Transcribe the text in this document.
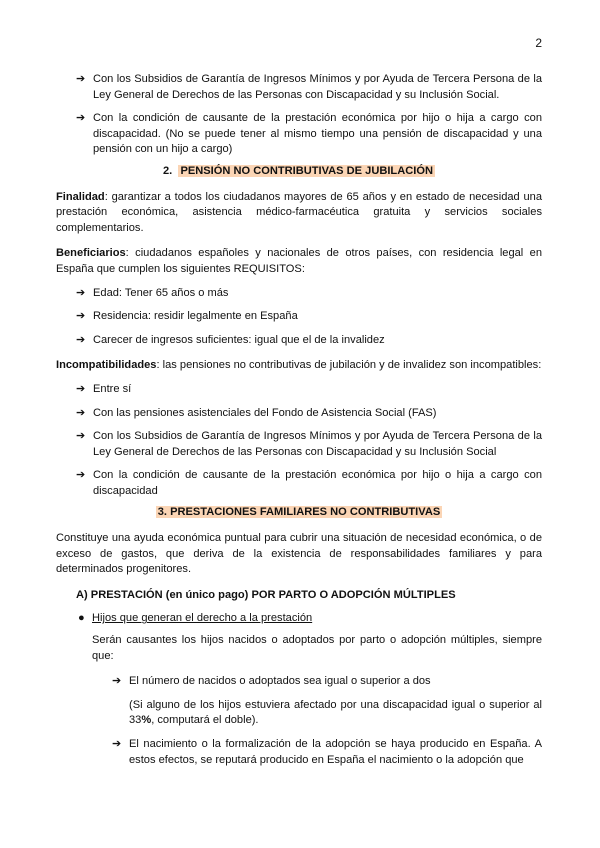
2
➔ Con los Subsidios de Garantía de Ingresos Mínimos y por Ayuda de Tercera Persona de la Ley General de Derechos de las Personas con Discapacidad y su Inclusión Social.
➔ Con la condición de causante de la prestación económica por hijo o hija a cargo con discapacidad. (No se puede tener al mismo tiempo una pensión de discapacidad y una pensión con un hijo a cargo)
2. PENSIÓN NO CONTRIBUTIVAS DE JUBILACIÓN

Finalidad: garantizar a todos los ciudadanos mayores de 65 años y en estado de necesidad una prestación económica, asistencia médico-farmacéutica gratuita y servicios sociales complementarios.

Beneficiarios: ciudadanos españoles y nacionales de otros países, con residencia legal en España que cumplen los siguientes REQUISITOS:

➔ Edad: Tener 65 años o más
➔ Residencia: residir legalmente en España
➔ Carecer de ingresos suficientes: igual que el de la invalidez

Incompatibilidades: las pensiones no contributivas de jubilación y de invalidez son incompatibles:

➔ Entre sí
➔ Con las pensiones asistenciales del Fondo de Asistencia Social (FAS)
➔ Con los Subsidios de Garantía de Ingresos Mínimos y por Ayuda de Tercera Persona de la Ley General de Derechos de las Personas con Discapacidad y su Inclusión Social
➔ Con la condición de causante de la prestación económica por hijo o hija a cargo con discapacidad
3. PRESTACIONES FAMILIARES NO CONTRIBUTIVAS

Constituye una ayuda económica puntual para cubrir una situación de necesidad económica, o de exceso de gastos, que deriva de la existencia de responsabilidades familiares y para determinados progenitores.

A) PRESTACIÓN (en único pago) POR PARTO O ADOPCIÓN MÚLTIPLES
● Hijos que generan el derecho a la prestación

Serán causantes los hijos nacidos o adoptados por parto o adopción múltiples, siempre que:

➔ El número de nacidos o adoptados sea igual o superior a dos

(Si alguno de los hijos estuviera afectado por una discapacidad igual o superior al 33%, computará el doble).

➔ El nacimiento o la formalización de la adopción se haya producido en España. A estos efectos, se reputará producido en España el nacimiento o la adopción que
